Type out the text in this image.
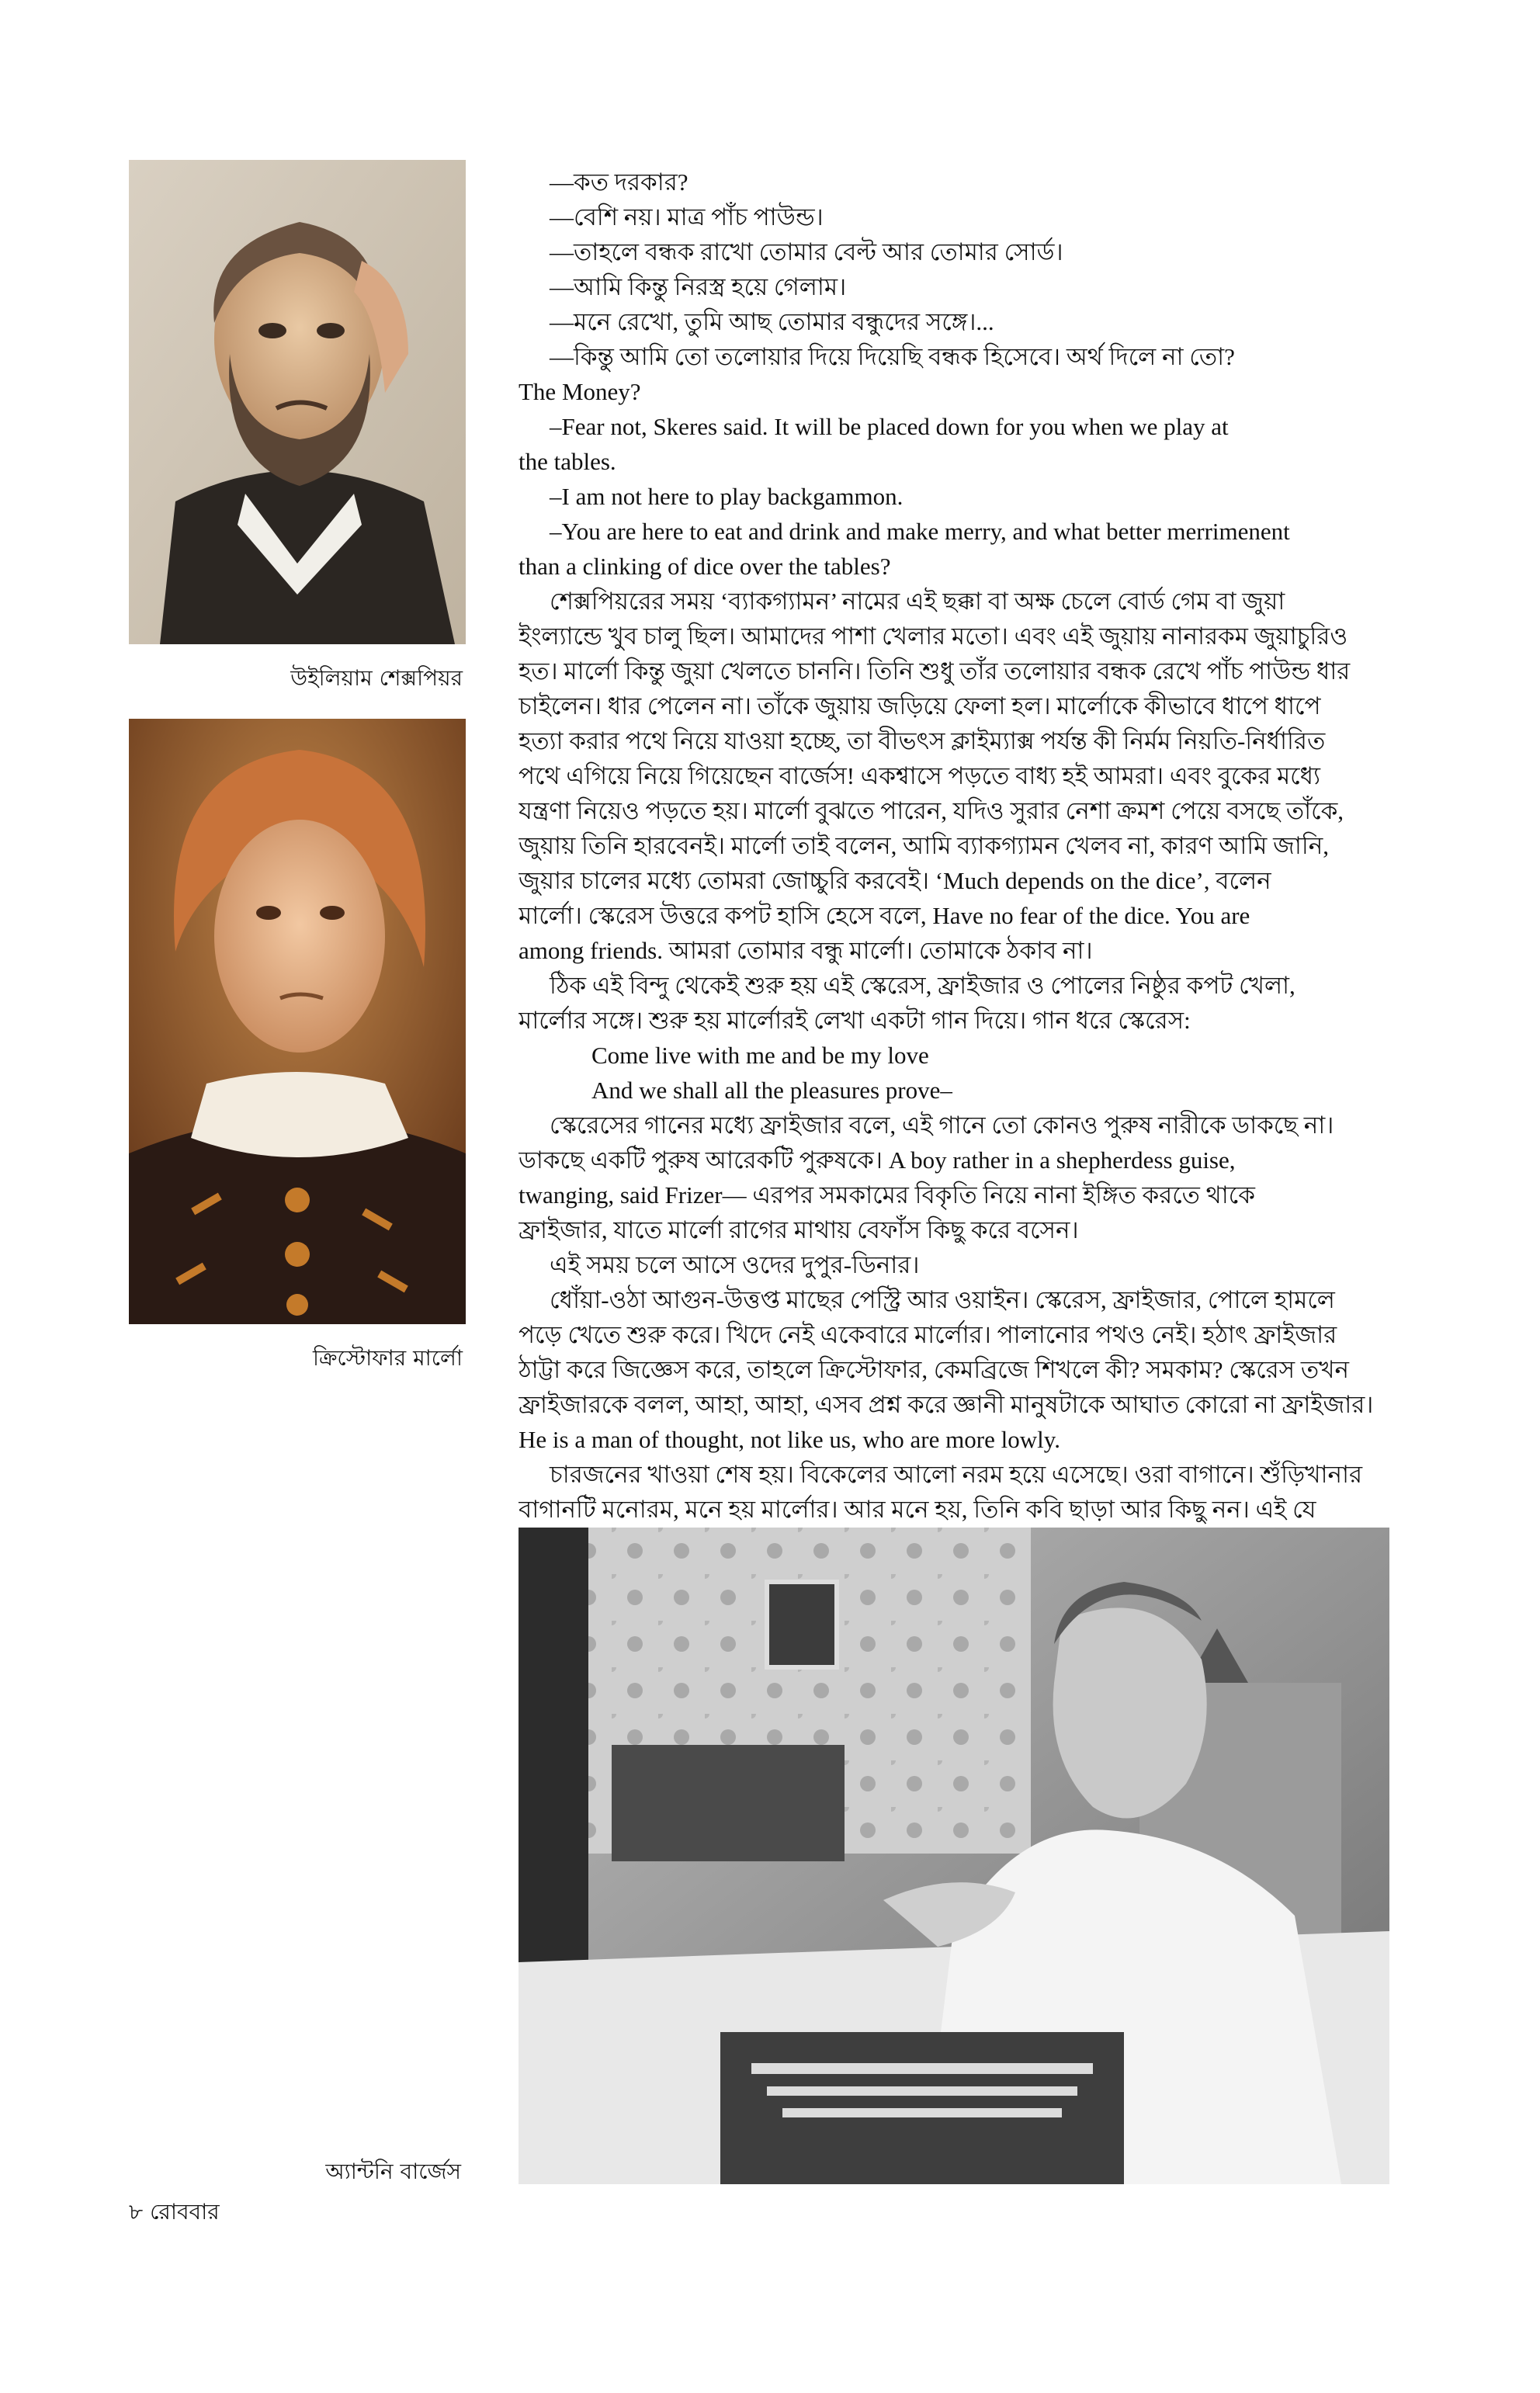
উইলিয়াম শেক্সপিয়র
ক্রিস্টোফার মার্লো
অ্যান্টনি বার্জেস
—কত দরকার?
—বেশি নয়। মাত্র পাঁচ পাউন্ড।
—তাহলে বন্ধক রাখো তোমার বেল্ট আর তোমার সোর্ড।
—আমি কিন্তু নিরস্ত্র হয়ে গেলাম।
—মনে রেখো, তুমি আছ তোমার বন্ধুদের সঙ্গে।...
—কিন্তু আমি তো তলোয়ার দিয়ে দিয়েছি বন্ধক হিসেবে। অর্থ দিলে না তো?
The Money?
–Fear not, Skeres said. It will be placed down for you when we play at
the tables.
–I am not here to play backgammon.
–You are here to eat and drink and make merry, and what better merrimenent
than a clinking of dice over the tables?
শেক্সপিয়রের সময় ‘ব্যাকগ্যামন’ নামের এই ছক্কা বা অক্ষ চেলে বোর্ড গেম বা জুয়া
ইংল্যান্ডে খুব চালু ছিল। আমাদের পাশা খেলার মতো। এবং এই জুয়ায় নানারকম জুয়াচুরিও
হত। মার্লো কিন্তু জুয়া খেলতে চাননি। তিনি শুধু তাঁর তলোয়ার বন্ধক রেখে পাঁচ পাউন্ড ধার
চাইলেন। ধার পেলেন না। তাঁকে জুয়ায় জড়িয়ে ফেলা হল। মার্লোকে কীভাবে ধাপে ধাপে
হত্যা করার পথে নিয়ে যাওয়া হচ্ছে, তা বীভৎস ক্লাইম্যাক্স পর্যন্ত কী নির্মম নিয়তি-নির্ধারিত
পথে এগিয়ে নিয়ে গিয়েছেন বার্জেস! একশ্বাসে পড়তে বাধ্য হই আমরা। এবং বুকের মধ্যে
যন্ত্রণা নিয়েও পড়তে হয়। মার্লো বুঝতে পারেন, যদিও সুরার নেশা ক্রমশ পেয়ে বসছে তাঁকে,
জুয়ায় তিনি হারবেনই। মার্লো তাই বলেন, আমি ব্যাকগ্যামন খেলব না, কারণ আমি জানি,
জুয়ার চালের মধ্যে তোমরা জোচ্চুরি করবেই। ‘Much depends on the dice’, বলেন
মার্লো। স্কেরেস উত্তরে কপট হাসি হেসে বলে, Have no fear of the dice. You are
among friends. আমরা তোমার বন্ধু মার্লো। তোমাকে ঠকাব না।
ঠিক এই বিন্দু থেকেই শুরু হয় এই স্কেরেস, ফ্রাইজার ও পোলের নিষ্ঠুর কপট খেলা,
মার্লোর সঙ্গে। শুরু হয় মার্লোরই লেখা একটা গান দিয়ে। গান ধরে স্কেরেস:
Come live with me and be my love
And we shall all the pleasures prove–
স্কেরেসের গানের মধ্যে ফ্রাইজার বলে, এই গানে তো কোনও পুরুষ নারীকে ডাকছে না।
ডাকছে একটি পুরুষ আরেকটি পুরুষকে। A boy rather in a shepherdess guise,
twanging, said Frizer— এরপর সমকামের বিকৃতি নিয়ে নানা ইঙ্গিত করতে থাকে
ফ্রাইজার, যাতে মার্লো রাগের মাথায় বেফাঁস কিছু করে বসেন।
এই সময় চলে আসে ওদের দুপুর-ডিনার।
ধোঁয়া-ওঠা আগুন-উত্তপ্ত মাছের পেস্ট্রি আর ওয়াইন। স্কেরেস, ফ্রাইজার, পোলে হামলে
পড়ে খেতে শুরু করে। খিদে নেই একেবারে মার্লোর। পালানোর পথও নেই। হঠাৎ ফ্রাইজার
ঠাট্টা করে জিজ্ঞেস করে, তাহলে ক্রিস্টোফার, কেমব্রিজে শিখলে কী? সমকাম? স্কেরেস তখন
ফ্রাইজারকে বলল, আহা, আহা, এসব প্রশ্ন করে জ্ঞানী মানুষটাকে আঘাত কোরো না ফ্রাইজার।
He is a man of thought, not like us, who are more lowly.
চারজনের খাওয়া শেষ হয়। বিকেলের আলো নরম হয়ে এসেছে। ওরা বাগানে। শুঁড়িখানার
বাগানটি মনোরম, মনে হয় মার্লোর। আর মনে হয়, তিনি কবি ছাড়া আর কিছু নন। এই যে
৮ রোববার
